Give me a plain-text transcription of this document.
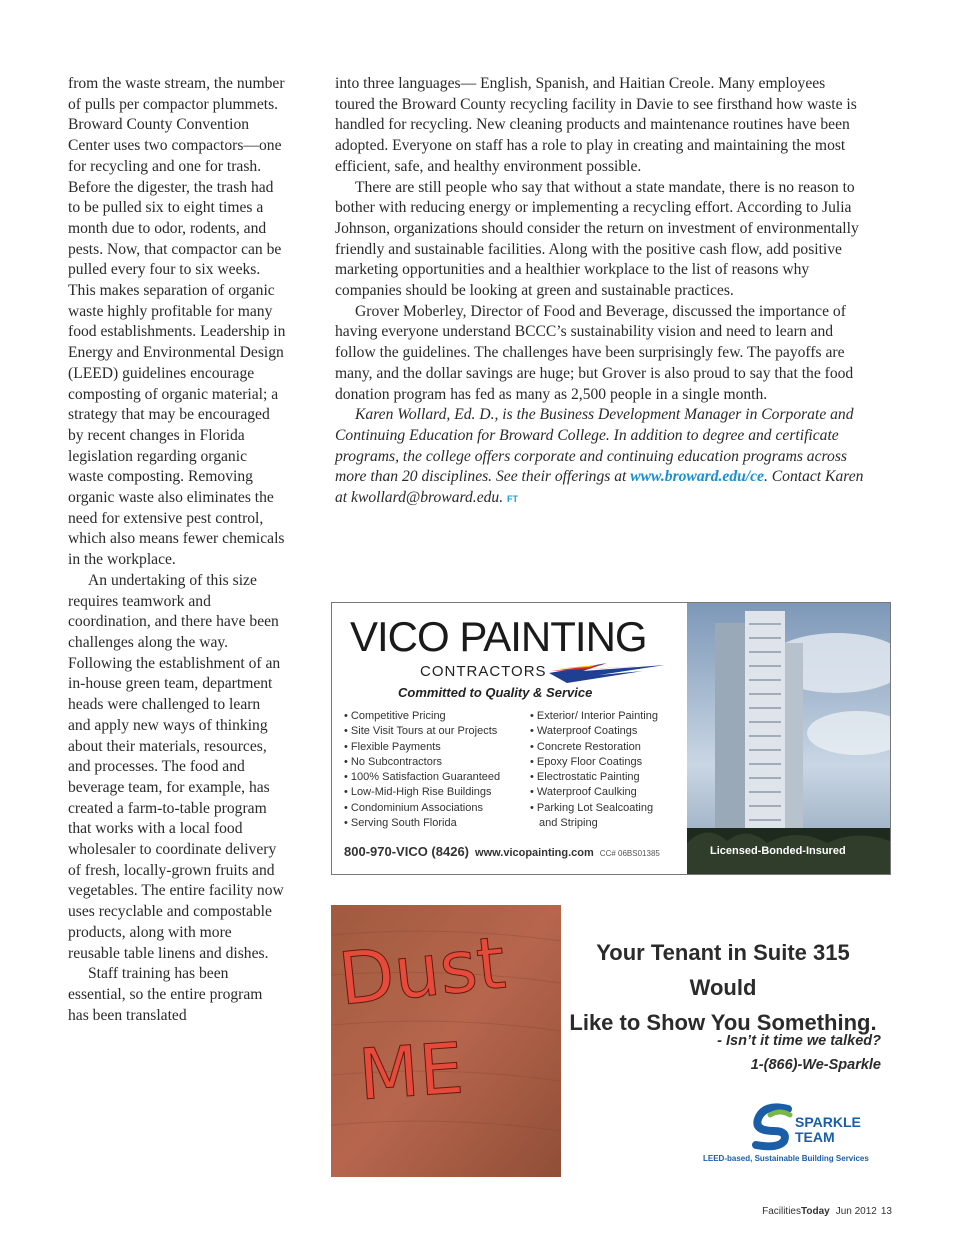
from the waste stream, the number of pulls per compactor plummets. Broward County Convention Center uses two compactors—one for recycling and one for trash. Before the digester, the trash had to be pulled six to eight times a month due to odor, rodents, and pests. Now, that compactor can be pulled every four to six weeks. This makes separation of organic waste highly profitable for many food establishments. Leadership in Energy and Environmental Design (LEED) guidelines encourage composting of organic material; a strategy that may be encouraged by recent changes in Florida legislation regarding organic waste composting. Removing organic waste also eliminates the need for extensive pest control, which also means fewer chemicals in the workplace.

An undertaking of this size requires teamwork and coordination, and there have been challenges along the way. Following the establishment of an in-house green team, department heads were challenged to learn and apply new ways of thinking about their materials, resources, and processes. The food and beverage team, for example, has created a farm-to-table program that works with a local food wholesaler to coordinate delivery of fresh, locally-grown fruits and vegetables. The entire facility now uses recyclable and compostable products, along with more reusable table linens and dishes.

Staff training has been essential, so the entire program has been translated

into three languages— English, Spanish, and Haitian Creole. Many employees toured the Broward County recycling facility in Davie to see firsthand how waste is handled for recycling. New cleaning products and maintenance routines have been adopted. Everyone on staff has a role to play in creating and maintaining the most efficient, safe, and healthy environment possible.

There are still people who say that without a state mandate, there is no reason to bother with reducing energy or implementing a recycling effort. According to Julia Johnson, organizations should consider the return on investment of environmentally friendly and sustainable facilities. Along with the positive cash flow, add positive marketing opportunities and a healthier workplace to the list of reasons why companies should be looking at green and sustainable practices.

Grover Moberley, Director of Food and Beverage, discussed the importance of having everyone understand BCCC’s sustainability vision and need to learn and follow the guidelines. The challenges have been surprisingly few. The payoffs are many, and the dollar savings are huge; but Grover is also proud to say that the food donation program has fed as many as 2,500 people in a single month.

Karen Wollard, Ed. D., is the Business Development Manager in Corporate and Continuing Education for Broward College. In addition to degree and certificate programs, the college offers corporate and continuing education programs across more than 20 disciplines. See their offerings at www.broward.edu/ce. Contact Karen at kwollard@broward.edu. FT

VICO PAINTING
CONTRACTORS
Committed to Quality & Service
• Competitive Pricing
• Site Visit Tours at our Projects
• Flexible Payments
• No Subcontractors
• 100% Satisfaction Guaranteed
• Low-Mid-High Rise Buildings
• Condominium Associations
• Serving South Florida
• Exterior/ Interior Painting
• Waterproof Coatings
• Concrete Restoration
• Epoxy Floor Coatings
• Electrostatic Painting
• Waterproof Caulking
• Parking Lot Sealcoating
and Striping
800-970-VICO (8426) www.vicopainting.com CC# 06BS01385	Licensed-Bonded-Insured
Dust
ME
Your Tenant in Suite 315 Would
Like to Show You Something.
- Isn’t it time we talked?
1-(866)-We-Sparkle
SPARKLE
TEAM
LEED-based, Sustainable Building Services
FacilitiesToday Jun 2012 13
